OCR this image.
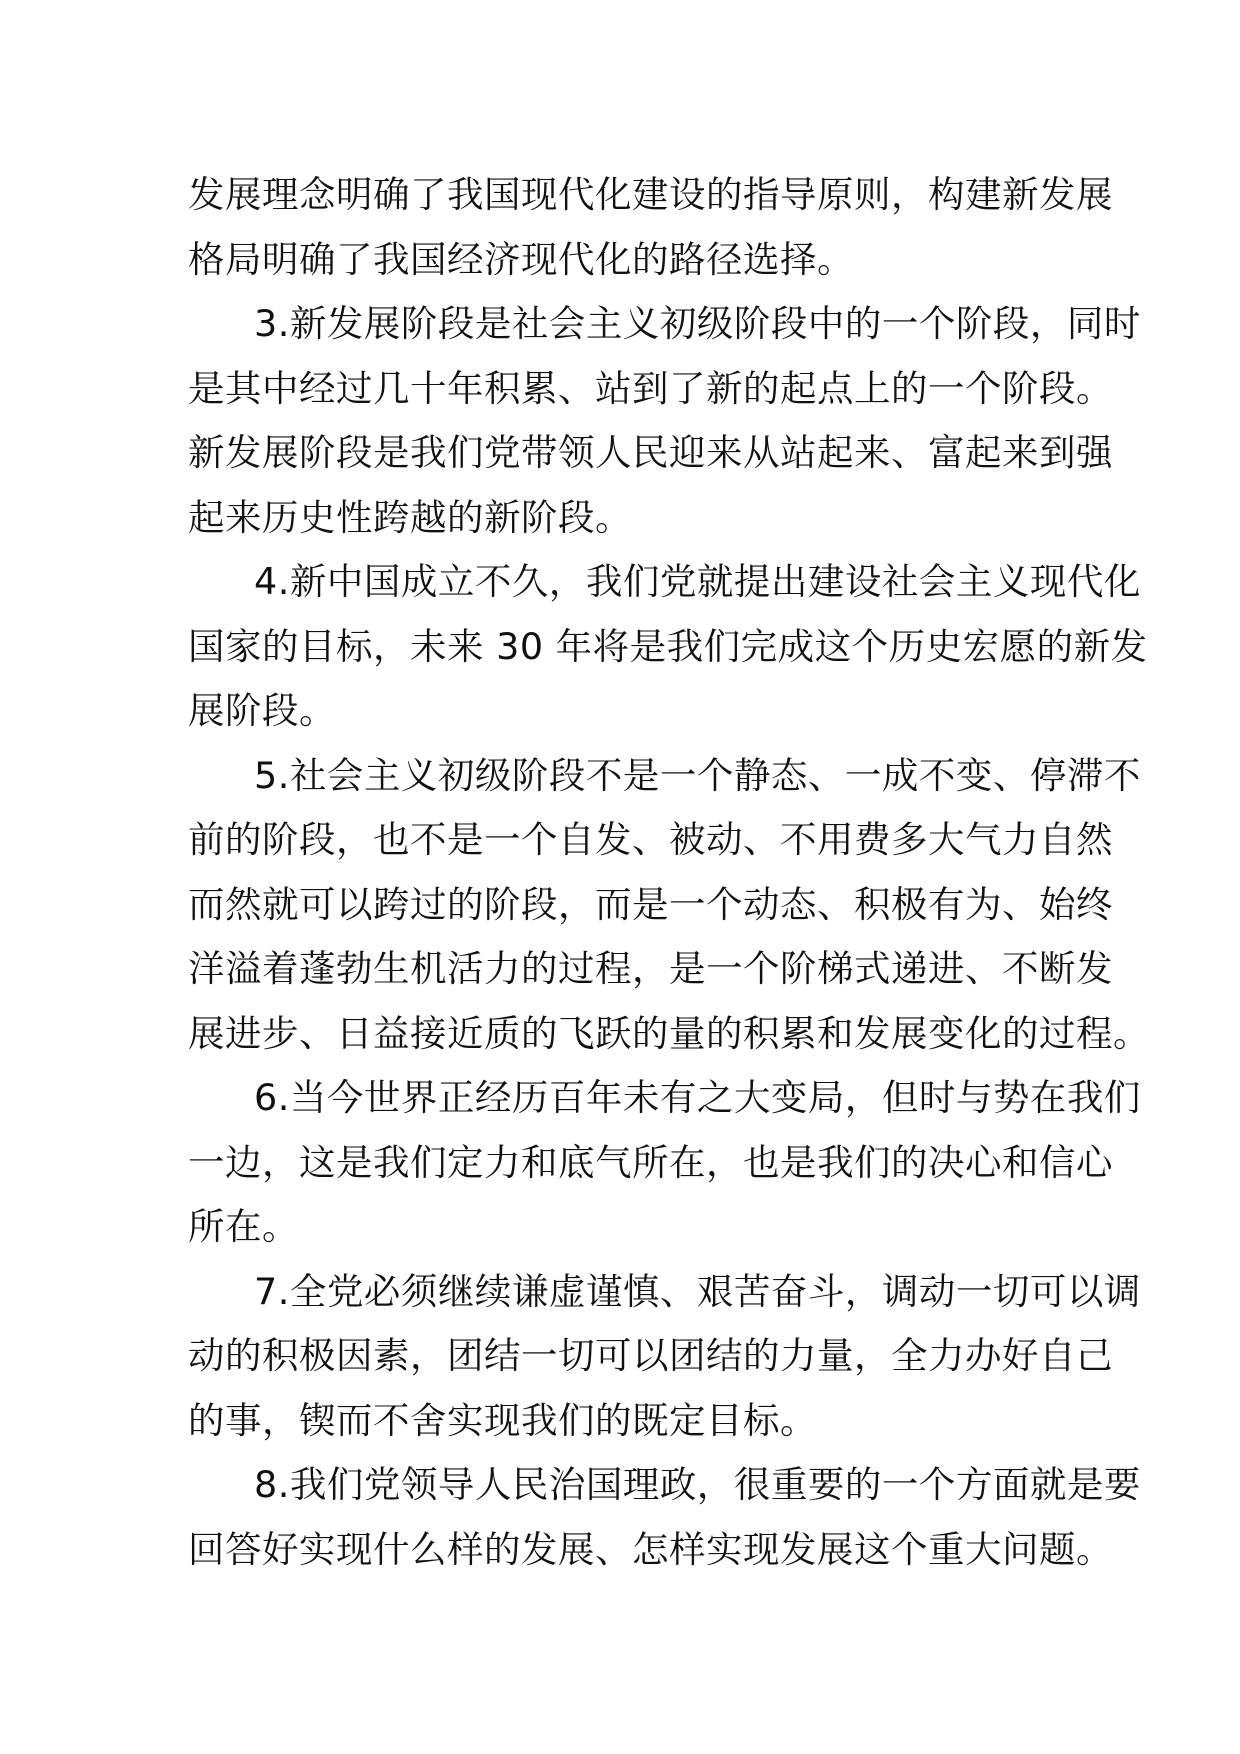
发展理念明确了我国现代化建设的指导原则，构建新发展
格局明确了我国经济现代化的路径选择。
3.新发展阶段是社会主义初级阶段中的一个阶段，同时
是其中经过几十年积累、站到了新的起点上的一个阶段。
新发展阶段是我们党带领人民迎来从站起来、富起来到强
起来历史性跨越的新阶段。
4.新中国成立不久，我们党就提出建设社会主义现代化
国家的目标，未来 30 年将是我们完成这个历史宏愿的新发
展阶段。
5.社会主义初级阶段不是一个静态、一成不变、停滞不
前的阶段，也不是一个自发、被动、不用费多大气力自然
而然就可以跨过的阶段，而是一个动态、积极有为、始终
洋溢着蓬勃生机活力的过程，是一个阶梯式递进、不断发
展进步、日益接近质的飞跃的量的积累和发展变化的过程。
6.当今世界正经历百年未有之大变局，但时与势在我们
一边，这是我们定力和底气所在，也是我们的决心和信心
所在。
7.全党必须继续谦虚谨慎、艰苦奋斗，调动一切可以调
动的积极因素，团结一切可以团结的力量，全力办好自己
的事，锲而不舍实现我们的既定目标。
8.我们党领导人民治国理政，很重要的一个方面就是要
回答好实现什么样的发展、怎样实现发展这个重大问题。
